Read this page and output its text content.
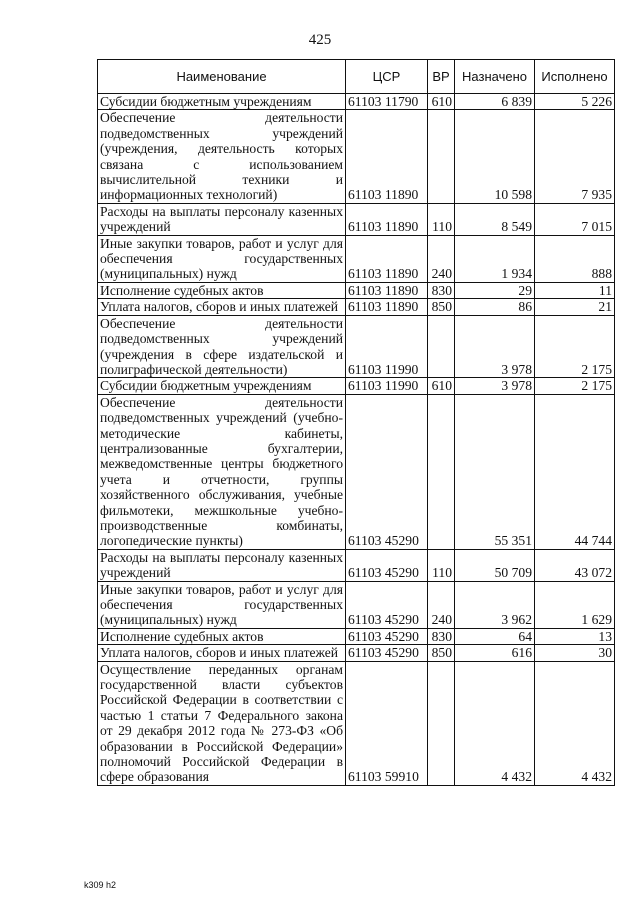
425
Наименование	ЦСР	ВР	Назначено	Исполнено
Субсидии бюджетным учреждениям	61103 11790	610	6 839	5 226
Обеспечение деятельности подведомственных учреждений (учреждения, деятельность которых связана с использованием вычислительной техники и информационных технологий)	61103 11890		10 598	7 935
Расходы на выплаты персоналу казенных учреждений	61103 11890	110	8 549	7 015
Иные закупки товаров, работ и услуг для обеспечения государственных (муниципальных) нужд	61103 11890	240	1 934	888
Исполнение судебных актов	61103 11890	830	29	11
Уплата налогов, сборов и иных платежей	61103 11890	850	86	21
Обеспечение деятельности подведомственных учреждений (учреждения в сфере издательской и полиграфической деятельности)	61103 11990		3 978	2 175
Субсидии бюджетным учреждениям	61103 11990	610	3 978	2 175
Обеспечение деятельности подведомственных учреждений (учебно-методические кабинеты, централизованные бухгалтерии, межведомственные центры бюджетного учета и отчетности, группы хозяйственного обслуживания, учебные фильмотеки, межшкольные учебно-производственные комбинаты, логопедические пункты)	61103 45290		55 351	44 744
Расходы на выплаты персоналу казенных учреждений	61103 45290	110	50 709	43 072
Иные закупки товаров, работ и услуг для обеспечения государственных (муниципальных) нужд	61103 45290	240	3 962	1 629
Исполнение судебных актов	61103 45290	830	64	13
Уплата налогов, сборов и иных платежей	61103 45290	850	616	30
Осуществление переданных органам государственной власти субъектов Российской Федерации в соответствии с частью 1 статьи 7 Федерального закона от 29 декабря 2012 года № 273-ФЗ «Об образовании в Российской Федерации» полномочий Российской Федерации в сфере образования	61103 59910		4 432	4 432
k309 h2
